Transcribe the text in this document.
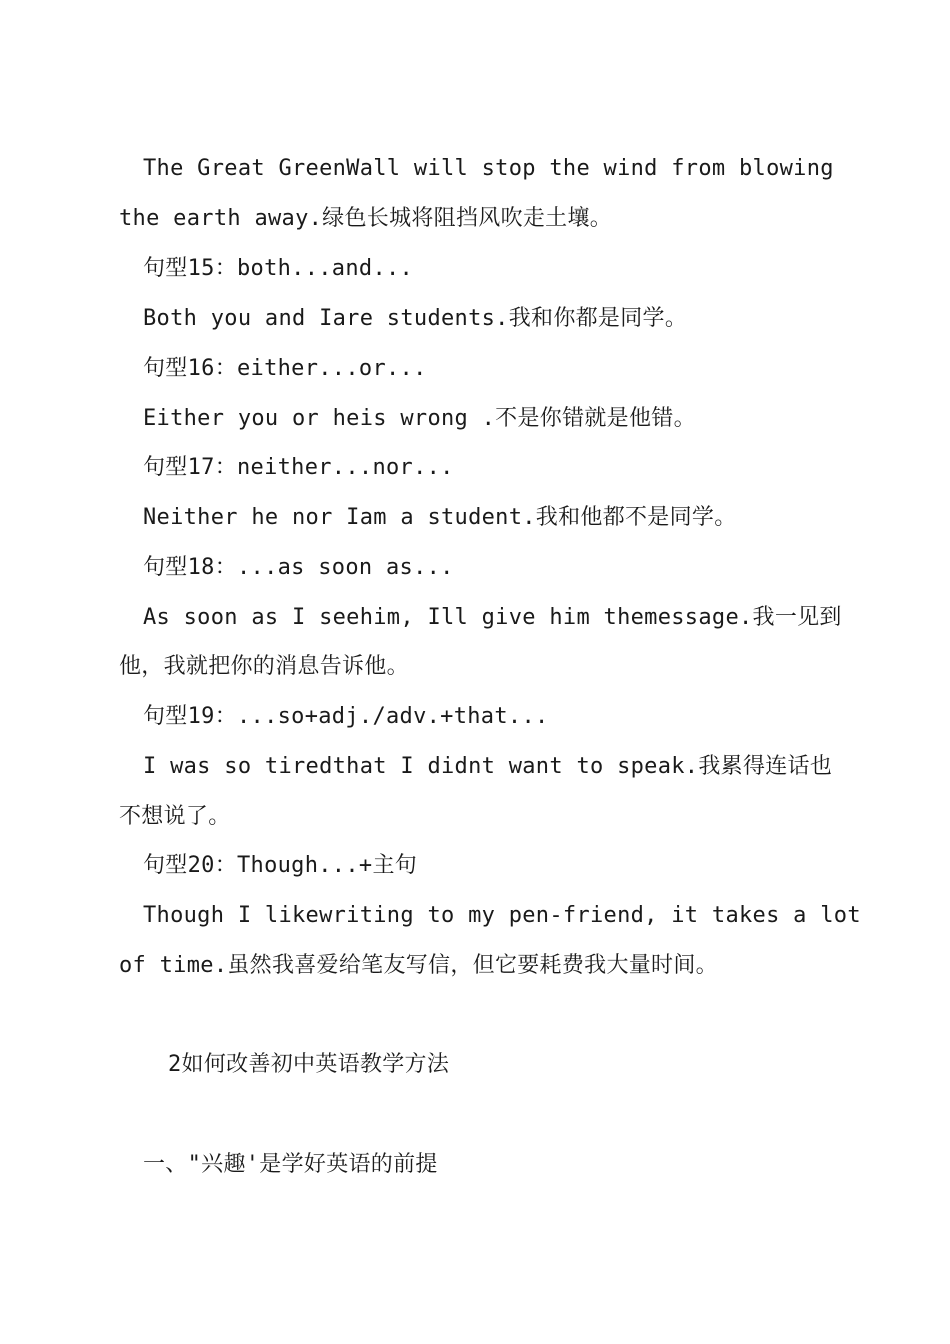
The Great GreenWall will stop the wind from blowing
the earth away.绿色长城将阻挡风吹走土壤。
句型15：both...and...
Both you and Iare students.我和你都是同学。
句型16：either...or...
Either you or heis wrong .不是你错就是他错。
句型17：neither...nor...
Neither he nor Iam a student.我和他都不是同学。
句型18：...as soon as...
As soon as I seehim, Ill give him themessage.我一见到
他，我就把你的消息告诉他。
句型19：...so+adj./adv.+that...
I was so tiredthat I didnt want to speak.我累得连话也
不想说了。
句型20：Though...+主句
Though I likewriting to my pen-friend, it takes a lot
of time.虽然我喜爱给笔友写信，但它要耗费我大量时间。
2如何改善初中英语教学方法
一、"兴趣'是学好英语的前提
